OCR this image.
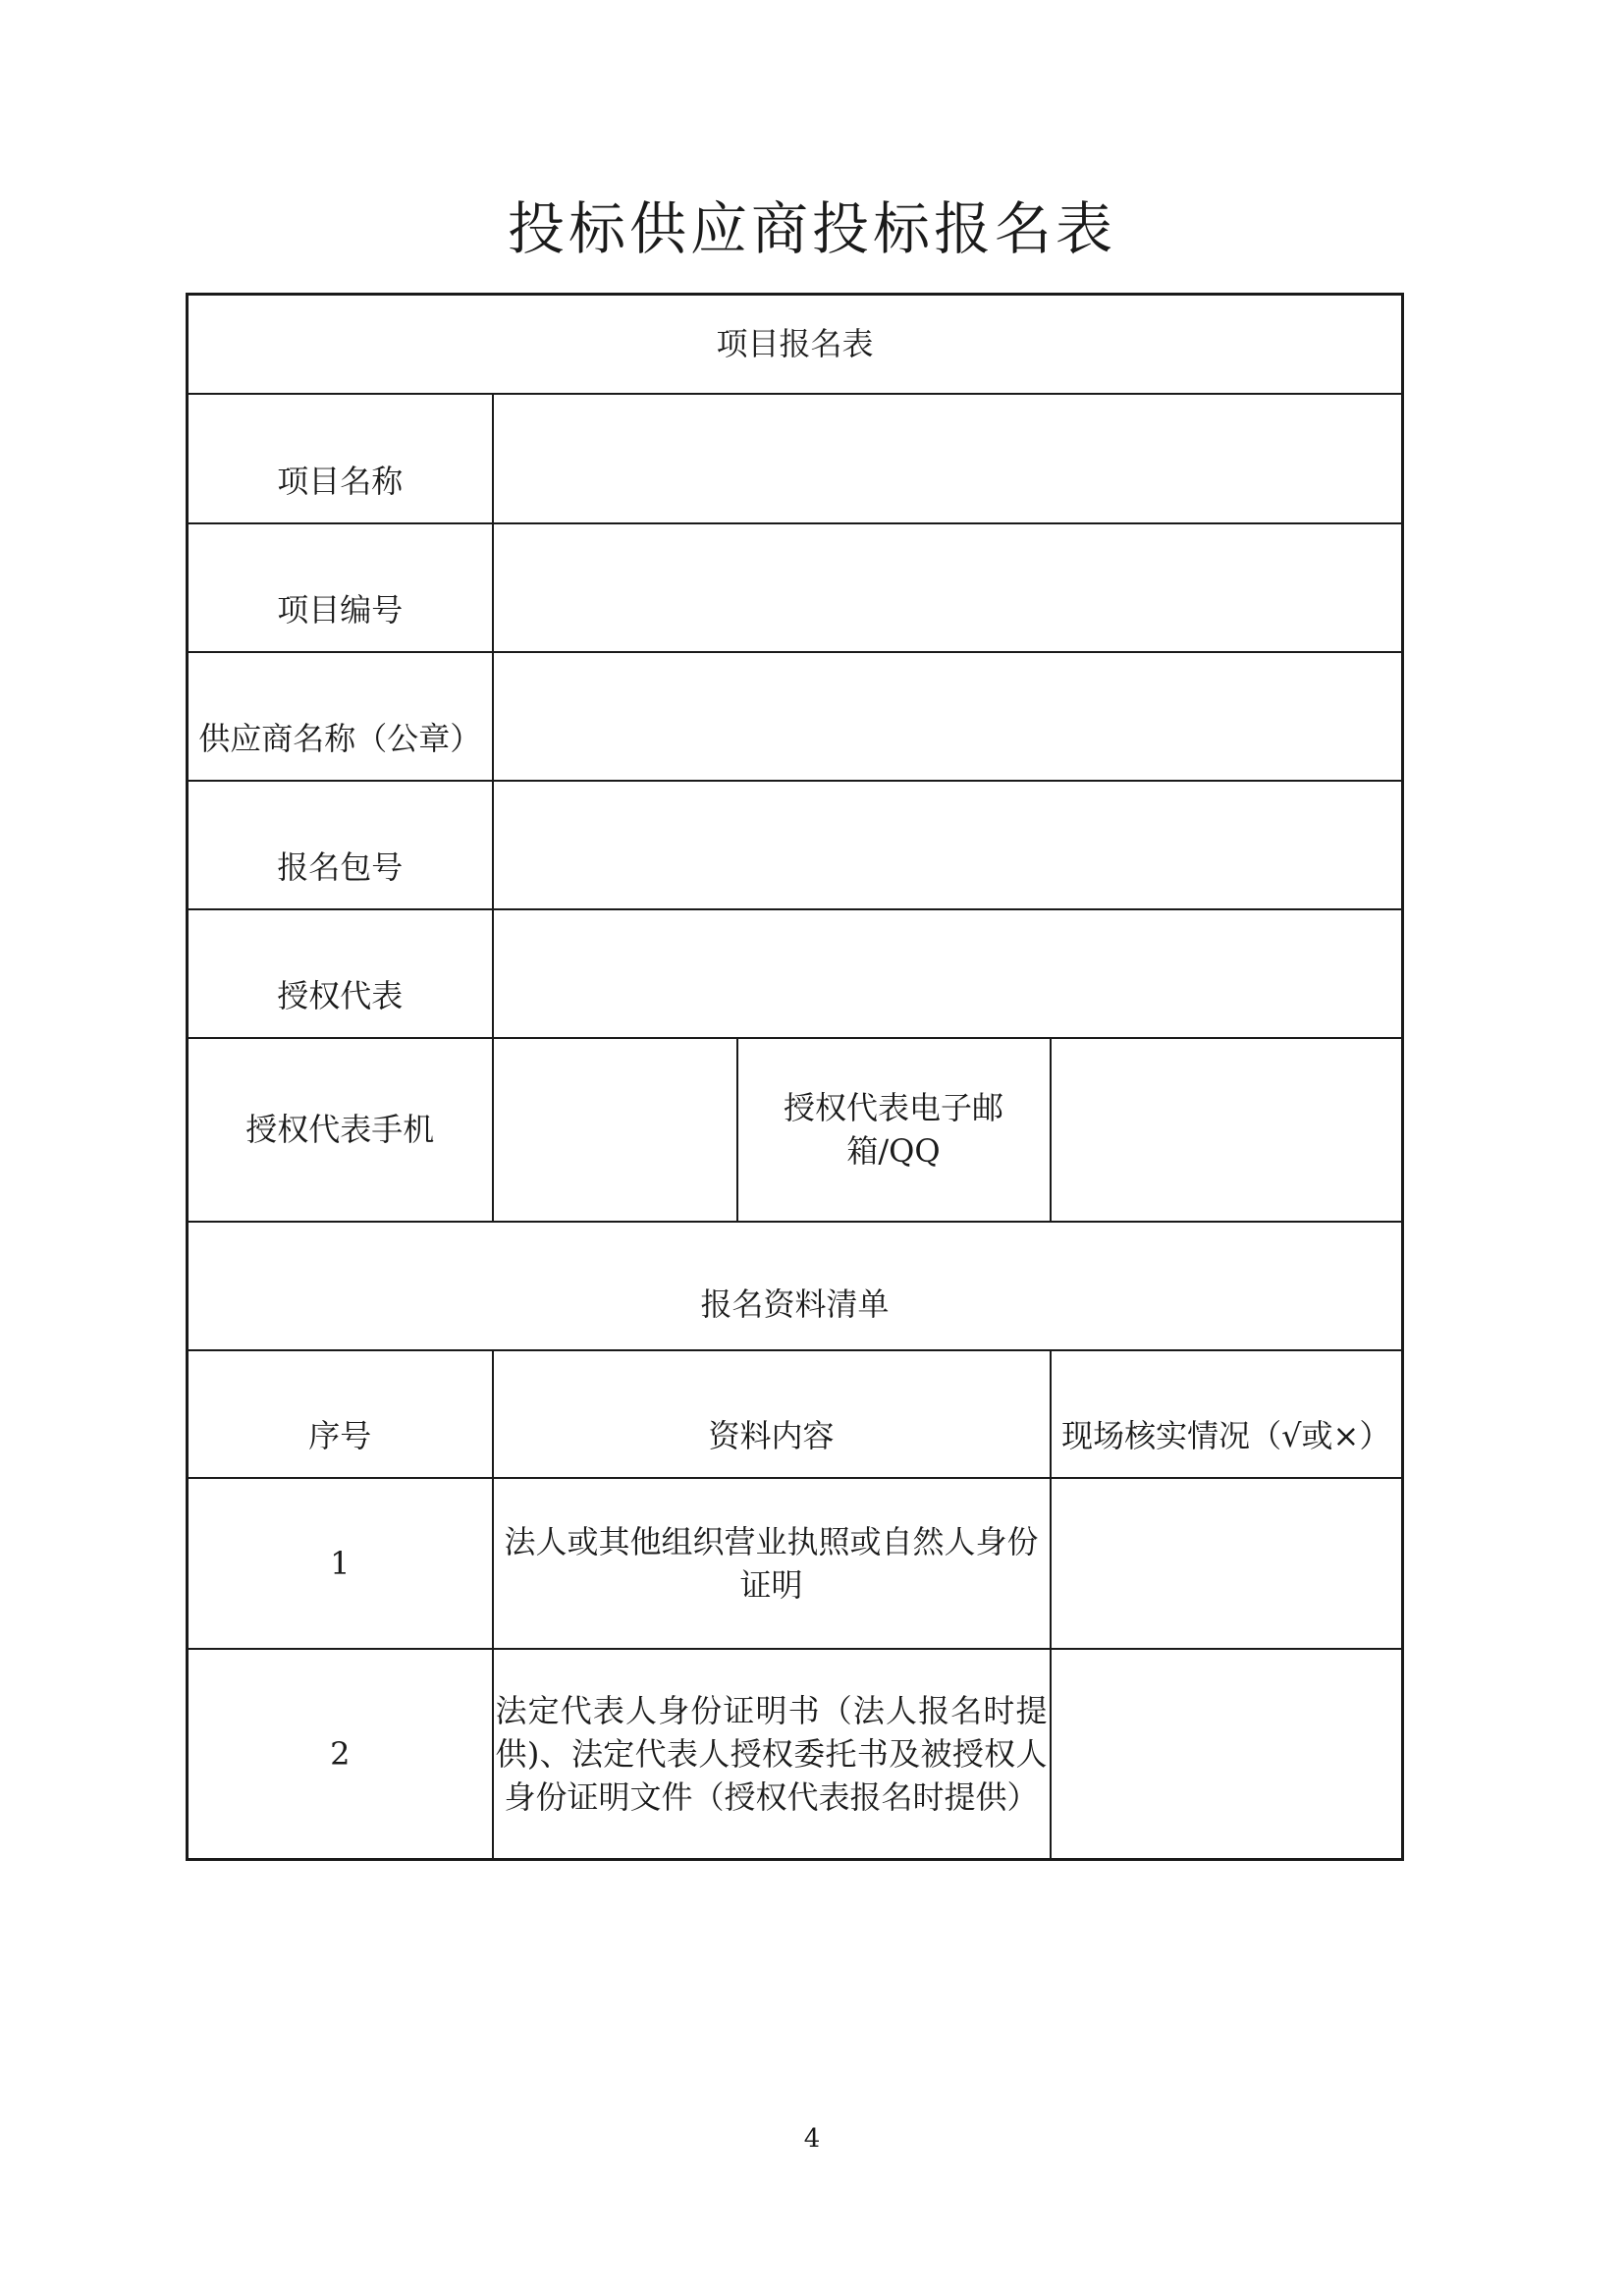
投标供应商投标报名表
项目报名表			
项目名称			

项目编号			

供应商名称（公章）			

报名包号			

授权代表			

授权代表手机		授权代表电子邮箱/QQ	
报名资料清单			
序号	资料内容		现场核实情况（√或×）
1	法人或其他组织营业执照或自然人身份证明		
2	法定代表人身份证明书（法人报名时提供)、法定代表人授权委托书及被授权人身份证明文件（授权代表报名时提供）		
4
